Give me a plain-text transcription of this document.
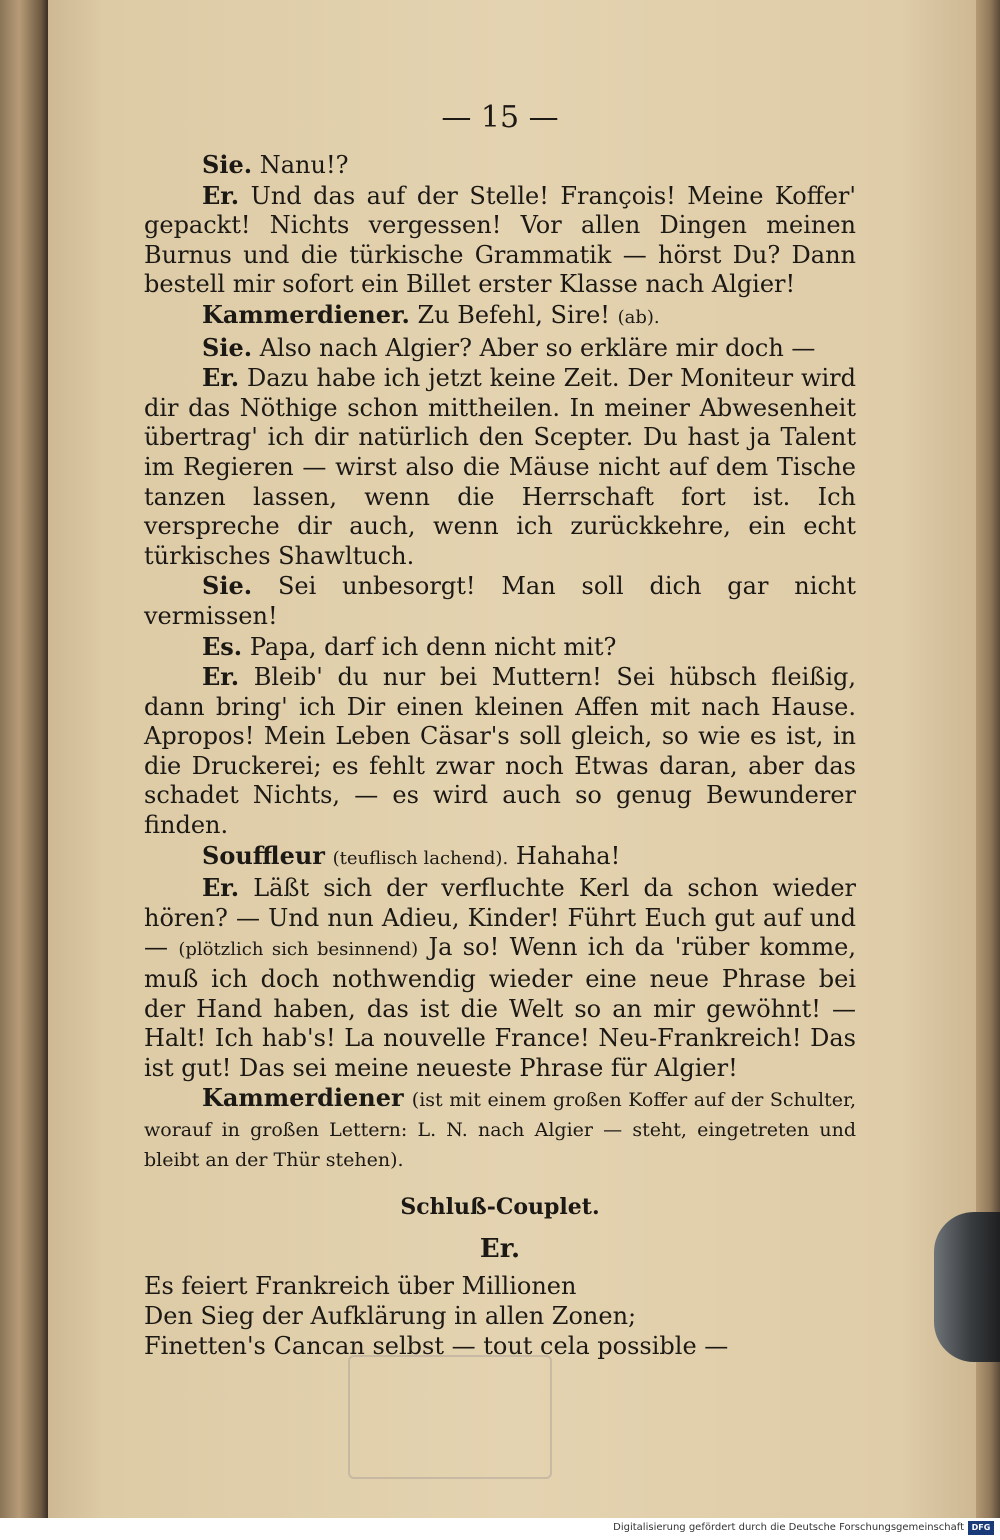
— 15 —

Sie. Nanu!?

Er. Und das auf der Stelle! François! Meine Koffer' gepackt! Nichts vergessen! Vor allen Dingen meinen Burnus und die türkische Grammatik — hörst Du? Dann bestell mir sofort ein Billet erster Klasse nach Algier!

Kammerdiener. Zu Befehl, Sire! (ab).

Sie. Also nach Algier? Aber so erkläre mir doch —

Er. Dazu habe ich jetzt keine Zeit. Der Moniteur wird dir das Nöthige schon mittheilen. In meiner Abwesenheit übertrag' ich dir natürlich den Scepter. Du hast ja Talent im Regieren — wirst also die Mäuse nicht auf dem Tische tanzen lassen, wenn die Herrschaft fort ist. Ich verspreche dir auch, wenn ich zurückkehre, ein echt türkisches Shawltuch.

Sie. Sei unbesorgt! Man soll dich gar nicht vermissen!

Es. Papa, darf ich denn nicht mit?

Er. Bleib' du nur bei Muttern! Sei hübsch fleißig, dann bring' ich Dir einen kleinen Affen mit nach Hause. Apropos! Mein Leben Cäsar's soll gleich, so wie es ist, in die Druckerei; es fehlt zwar noch Etwas daran, aber das schadet Nichts, — es wird auch so genug Bewunderer finden.

Souffleur (teuflisch lachend). Hahaha!

Er. Läßt sich der verfluchte Kerl da schon wieder hören? — Und nun Adieu, Kinder! Führt Euch gut auf und — (plötzlich sich besinnend) Ja so! Wenn ich da 'rüber komme, muß ich doch nothwendig wieder eine neue Phrase bei der Hand haben, das ist die Welt so an mir gewöhnt! — Halt! Ich hab's! La nouvelle France! Neu-Frankreich! Das ist gut! Das sei meine neueste Phrase für Algier!

Kammerdiener (ist mit einem großen Koffer auf der Schulter, worauf in großen Lettern: L. N. nach Algier — steht, eingetreten und bleibt an der Thür stehen).

Schluß-Couplet.

Er.

Es feiert Frankreich über Millionen

Den Sieg der Aufklärung in allen Zonen;

Finetten's Cancan selbst — tout cela possible —

Digitalisierung gefördert durch die Deutsche Forschungsgemeinschaft DFG
